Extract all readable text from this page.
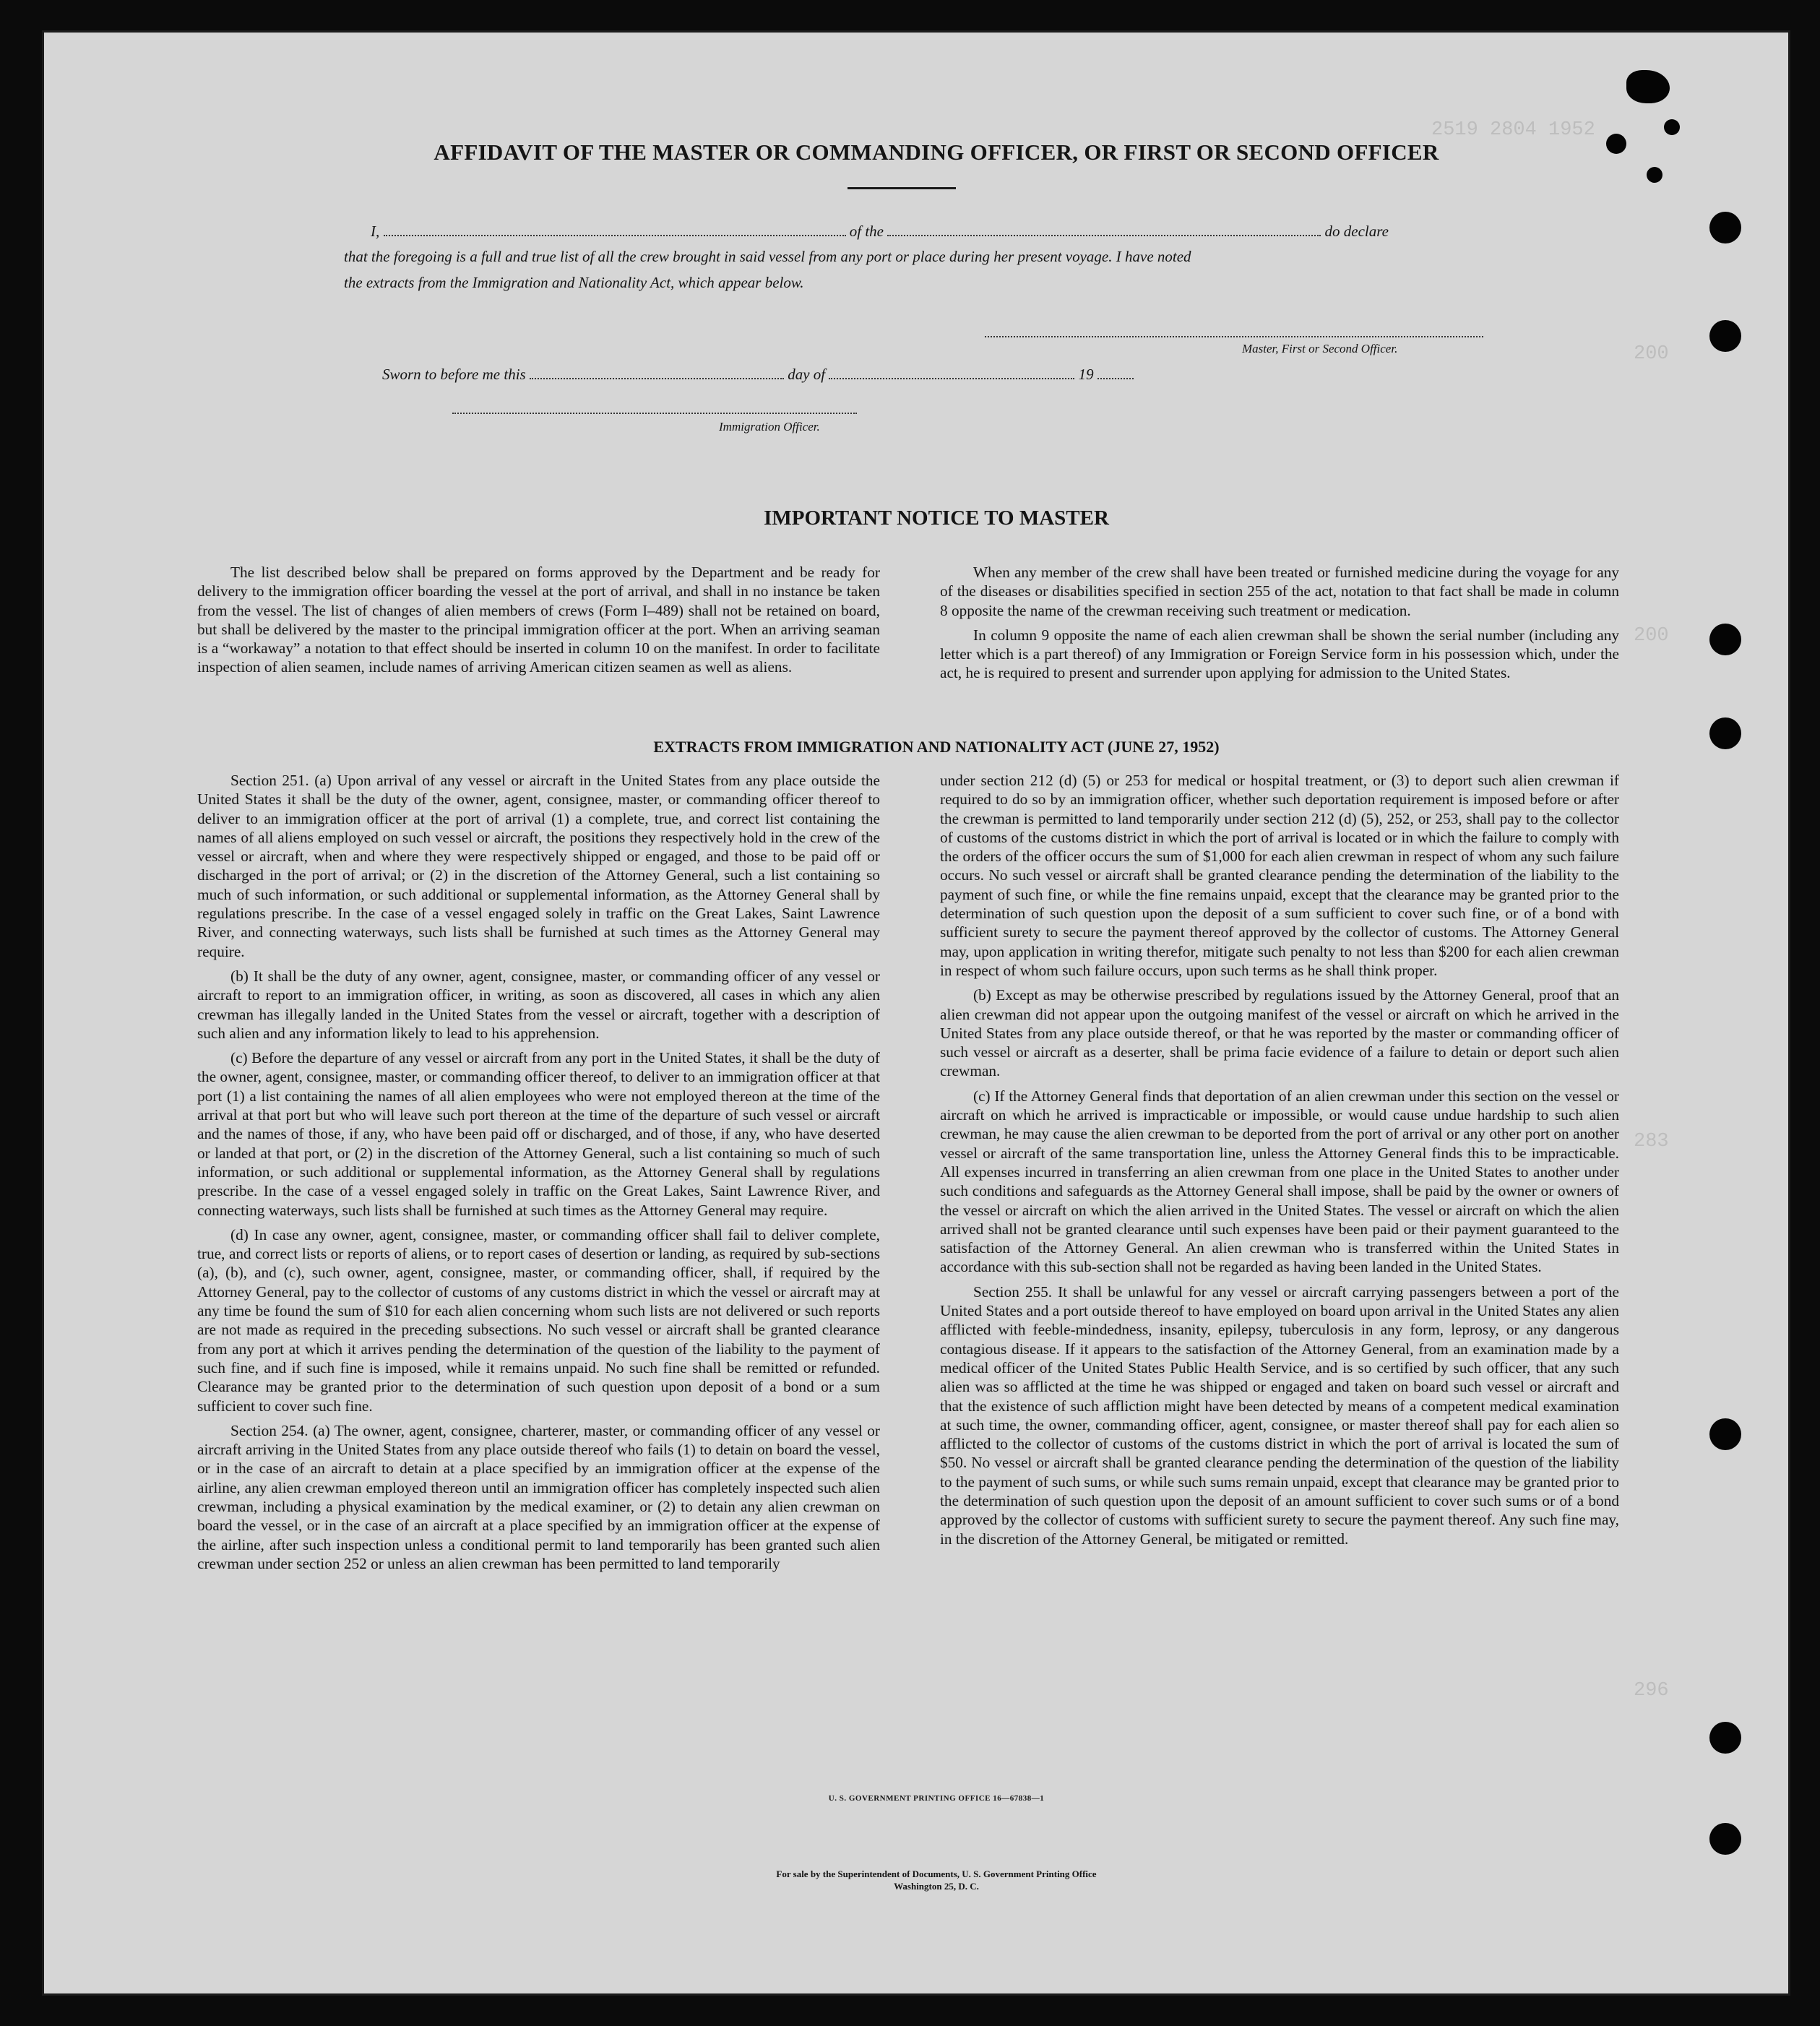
2519 2804 1952
200
200
283
296
AFFIDAVIT OF THE MASTER OR COMMANDING OFFICER, OR FIRST OR SECOND OFFICER
I,	of the	do declare
that the foregoing is a full and true list of all the crew brought in said vessel from any port or place during her present voyage. I have noted
the extracts from the Immigration and Nationality Act, which appear below.
Master, First or Second Officer.
Sworn to before me this	day of	19
Immigration Officer.
IMPORTANT NOTICE TO MASTER

The list described below shall be prepared on forms approved by the Department and be ready for delivery to the immigration officer boarding the vessel at the port of arrival, and shall in no instance be taken from the vessel. The list of changes of alien members of crews (Form I–489) shall not be retained on board, but shall be delivered by the master to the principal immigration officer at the port. When an arriving seaman is a “workaway” a notation to that effect should be inserted in column 10 on the manifest. In order to facilitate inspection of alien seamen, include names of arriving American citizen seamen as well as aliens.

When any member of the crew shall have been treated or furnished medicine during the voyage for any of the diseases or disabilities specified in section 255 of the act, notation to that fact shall be made in column 8 opposite the name of the crewman receiving such treatment or medication.

In column 9 opposite the name of each alien crewman shall be shown the serial number (including any letter which is a part thereof) of any Immigration or Foreign Service form in his possession which, under the act, he is required to present and surrender upon applying for admission to the United States.

EXTRACTS FROM IMMIGRATION AND NATIONALITY ACT (JUNE 27, 1952)

Section 251. (a) Upon arrival of any vessel or aircraft in the United States from any place outside the United States it shall be the duty of the owner, agent, consignee, master, or commanding officer thereof to deliver to an immigration officer at the port of arrival (1) a complete, true, and correct list containing the names of all aliens employed on such vessel or aircraft, the positions they respectively hold in the crew of the vessel or aircraft, when and where they were respectively shipped or engaged, and those to be paid off or discharged in the port of arrival; or (2) in the discretion of the Attorney General, such a list containing so much of such information, or such additional or supplemental information, as the Attorney General shall by regulations prescribe. In the case of a vessel engaged solely in traffic on the Great Lakes, Saint Lawrence River, and connecting waterways, such lists shall be furnished at such times as the Attorney General may require.

(b) It shall be the duty of any owner, agent, consignee, master, or commanding officer of any vessel or aircraft to report to an immigration officer, in writing, as soon as discovered, all cases in which any alien crewman has illegally landed in the United States from the vessel or aircraft, together with a description of such alien and any information likely to lead to his apprehension.

(c) Before the departure of any vessel or aircraft from any port in the United States, it shall be the duty of the owner, agent, consignee, master, or commanding officer thereof, to deliver to an immigration officer at that port (1) a list containing the names of all alien employees who were not employed thereon at the time of the arrival at that port but who will leave such port thereon at the time of the departure of such vessel or aircraft and the names of those, if any, who have been paid off or discharged, and of those, if any, who have deserted or landed at that port, or (2) in the discretion of the Attorney General, such a list containing so much of such information, or such additional or supplemental information, as the Attorney General shall by regulations prescribe. In the case of a vessel engaged solely in traffic on the Great Lakes, Saint Lawrence River, and connecting waterways, such lists shall be furnished at such times as the Attorney General may require.

(d) In case any owner, agent, consignee, master, or commanding officer shall fail to deliver complete, true, and correct lists or reports of aliens, or to report cases of desertion or landing, as required by sub-sections (a), (b), and (c), such owner, agent, consignee, master, or commanding officer, shall, if required by the Attorney General, pay to the collector of customs of any customs district in which the vessel or aircraft may at any time be found the sum of $10 for each alien concerning whom such lists are not delivered or such reports are not made as required in the preceding subsections. No such vessel or aircraft shall be granted clearance from any port at which it arrives pending the determination of the question of the liability to the payment of such fine, and if such fine is imposed, while it remains unpaid. No such fine shall be remitted or refunded. Clearance may be granted prior to the determination of such question upon deposit of a bond or a sum sufficient to cover such fine.

Section 254. (a) The owner, agent, consignee, charterer, master, or commanding officer of any vessel or aircraft arriving in the United States from any place outside thereof who fails (1) to detain on board the vessel, or in the case of an aircraft to detain at a place specified by an immigration officer at the expense of the airline, any alien crewman employed thereon until an immigration officer has completely inspected such alien crewman, including a physical examination by the medical examiner, or (2) to detain any alien crewman on board the vessel, or in the case of an aircraft at a place specified by an immigration officer at the expense of the airline, after such inspection unless a conditional permit to land temporarily has been granted such alien crewman under section 252 or unless an alien crewman has been permitted to land temporarily

under section 212 (d) (5) or 253 for medical or hospital treatment, or (3) to deport such alien crewman if required to do so by an immigration officer, whether such deportation requirement is imposed before or after the crewman is permitted to land temporarily under section 212 (d) (5), 252, or 253, shall pay to the collector of customs of the customs district in which the port of arrival is located or in which the failure to comply with the orders of the officer occurs the sum of $1,000 for each alien crewman in respect of whom any such failure occurs. No such vessel or aircraft shall be granted clearance pending the determination of the liability to the payment of such fine, or while the fine remains unpaid, except that the clearance may be granted prior to the determination of such question upon the deposit of a sum sufficient to cover such fine, or of a bond with sufficient surety to secure the payment thereof approved by the collector of customs. The Attorney General may, upon application in writing therefor, mitigate such penalty to not less than $200 for each alien crewman in respect of whom such failure occurs, upon such terms as he shall think proper.

(b) Except as may be otherwise prescribed by regulations issued by the Attorney General, proof that an alien crewman did not appear upon the outgoing manifest of the vessel or aircraft on which he arrived in the United States from any place outside thereof, or that he was reported by the master or commanding officer of such vessel or aircraft as a deserter, shall be prima facie evidence of a failure to detain or deport such alien crewman.

(c) If the Attorney General finds that deportation of an alien crewman under this section on the vessel or aircraft on which he arrived is impracticable or impossible, or would cause undue hardship to such alien crewman, he may cause the alien crewman to be deported from the port of arrival or any other port on another vessel or aircraft of the same transportation line, unless the Attorney General finds this to be impracticable. All expenses incurred in transferring an alien crewman from one place in the United States to another under such conditions and safeguards as the Attorney General shall impose, shall be paid by the owner or owners of the vessel or aircraft on which the alien arrived in the United States. The vessel or aircraft on which the alien arrived shall not be granted clearance until such expenses have been paid or their payment guaranteed to the satisfaction of the Attorney General. An alien crewman who is transferred within the United States in accordance with this sub-section shall not be regarded as having been landed in the United States.

Section 255. It shall be unlawful for any vessel or aircraft carrying passengers between a port of the United States and a port outside thereof to have employed on board upon arrival in the United States any alien afflicted with feeble-mindedness, insanity, epilepsy, tuberculosis in any form, leprosy, or any dangerous contagious disease. If it appears to the satisfaction of the Attorney General, from an examination made by a medical officer of the United States Public Health Service, and is so certified by such officer, that any such alien was so afflicted at the time he was shipped or engaged and taken on board such vessel or aircraft and that the existence of such affliction might have been detected by means of a competent medical examination at such time, the owner, commanding officer, agent, consignee, or master thereof shall pay for each alien so afflicted to the collector of customs of the customs district in which the port of arrival is located the sum of $50. No vessel or aircraft shall be granted clearance pending the determination of the question of the liability to the payment of such sums, or while such sums remain unpaid, except that clearance may be granted prior to the determination of such question upon the deposit of an amount sufficient to cover such sums or of a bond approved by the collector of customs with sufficient surety to secure the payment thereof. Any such fine may, in the discretion of the Attorney General, be mitigated or remitted.

U. S. GOVERNMENT PRINTING OFFICE 16—67838—1
For sale by the Superintendent of Documents, U. S. Government Printing Office
Washington 25, D. C.
